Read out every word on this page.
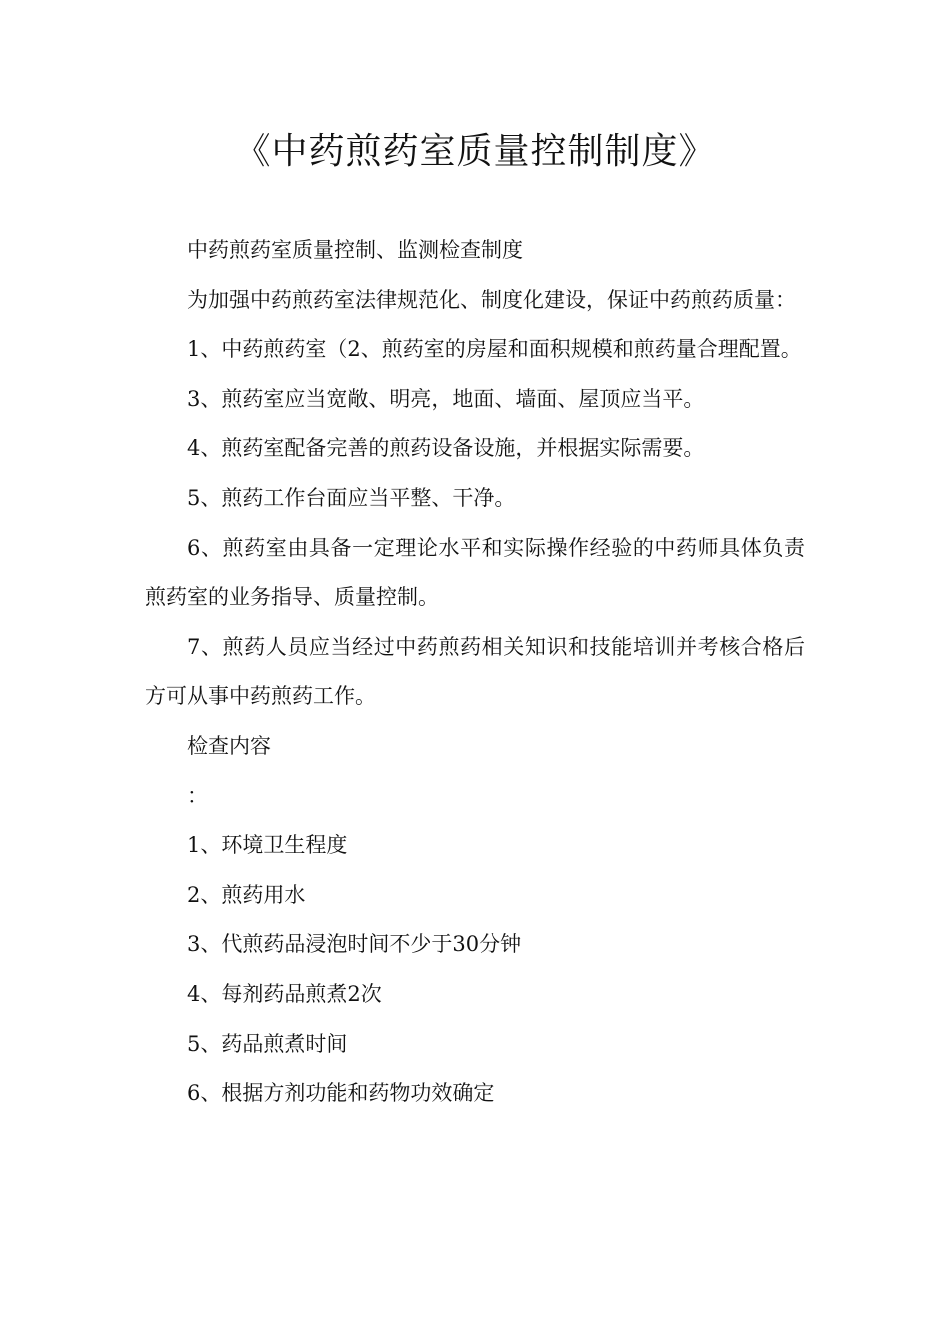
《中药煎药室质量控制制度》

中药煎药室质量控制、监测检查制度

为加强中药煎药室法律规范化、制度化建设，保证中药煎药质量：

1、中药煎药室（2、煎药室的房屋和面积规模和煎药量合理配置。

3、煎药室应当宽敞、明亮，地面、墙面、屋顶应当平。

4、煎药室配备完善的煎药设备设施，并根据实际需要。

5、煎药工作台面应当平整、干净。

6、煎药室由具备一定理论水平和实际操作经验的中药师具体负责煎药室的业务指导、质量控制。

7、煎药人员应当经过中药煎药相关知识和技能培训并考核合格后方可从事中药煎药工作。

检查内容

：

1、环境卫生程度

2、煎药用水

3、代煎药品浸泡时间不少于30分钟

4、每剂药品煎煮2次

5、药品煎煮时间

6、根据方剂功能和药物功效确定
